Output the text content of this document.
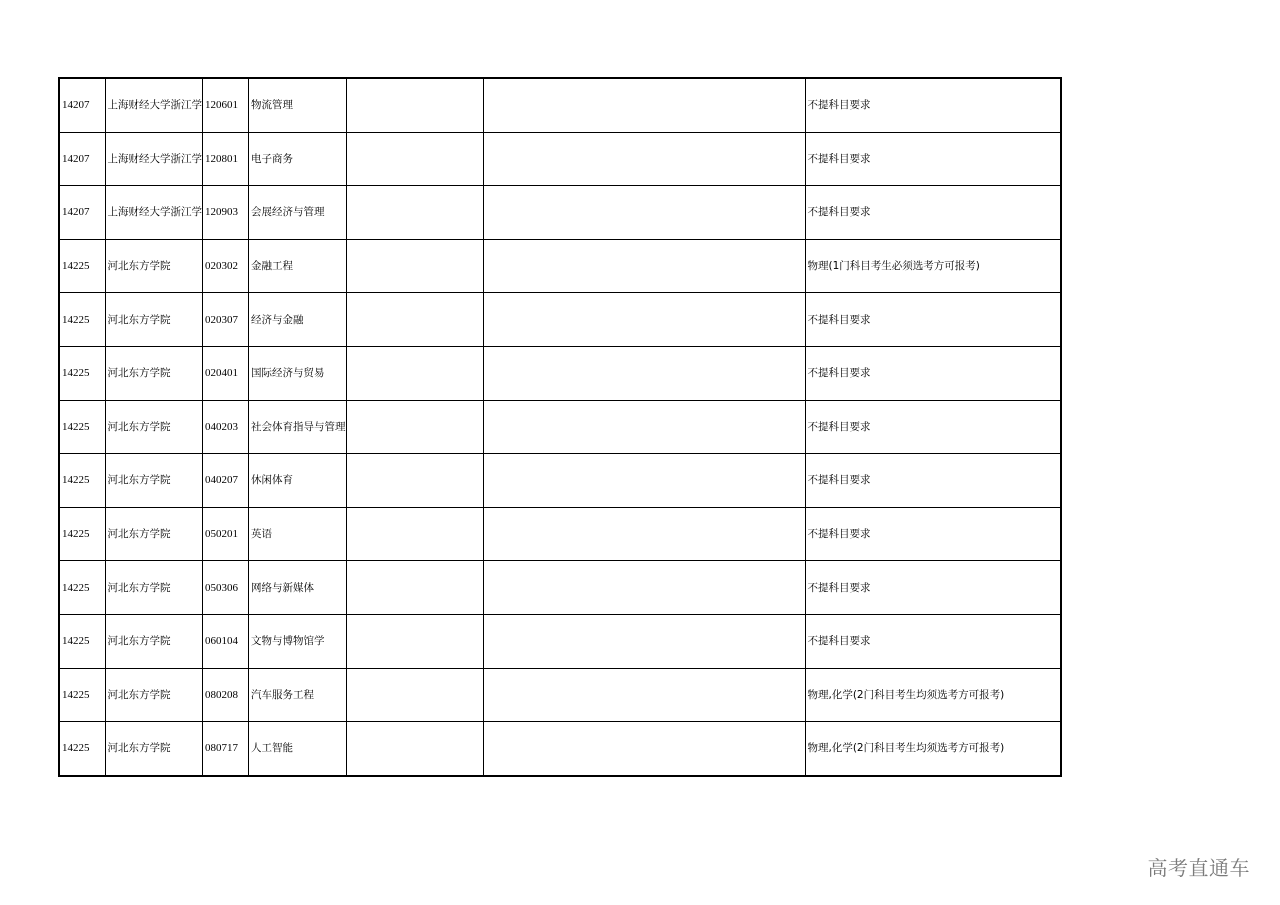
14207	上海财经大学浙江学	120601	物流管理			不提科目要求
14207	上海财经大学浙江学	120801	电子商务			不提科目要求
14207	上海财经大学浙江学	120903	会展经济与管理			不提科目要求
14225	河北东方学院	020302	金融工程			物理(1门科目考生必须选考方可报考)
14225	河北东方学院	020307	经济与金融			不提科目要求
14225	河北东方学院	020401	国际经济与贸易			不提科目要求
14225	河北东方学院	040203	社会体育指导与管理			不提科目要求
14225	河北东方学院	040207	休闲体育			不提科目要求
14225	河北东方学院	050201	英语			不提科目要求
14225	河北东方学院	050306	网络与新媒体			不提科目要求
14225	河北东方学院	060104	文物与博物馆学			不提科目要求
14225	河北东方学院	080208	汽车服务工程			物理,化学(2门科目考生均须选考方可报考)
14225	河北东方学院	080717	人工智能			物理,化学(2门科目考生均须选考方可报考)
高考直通车
